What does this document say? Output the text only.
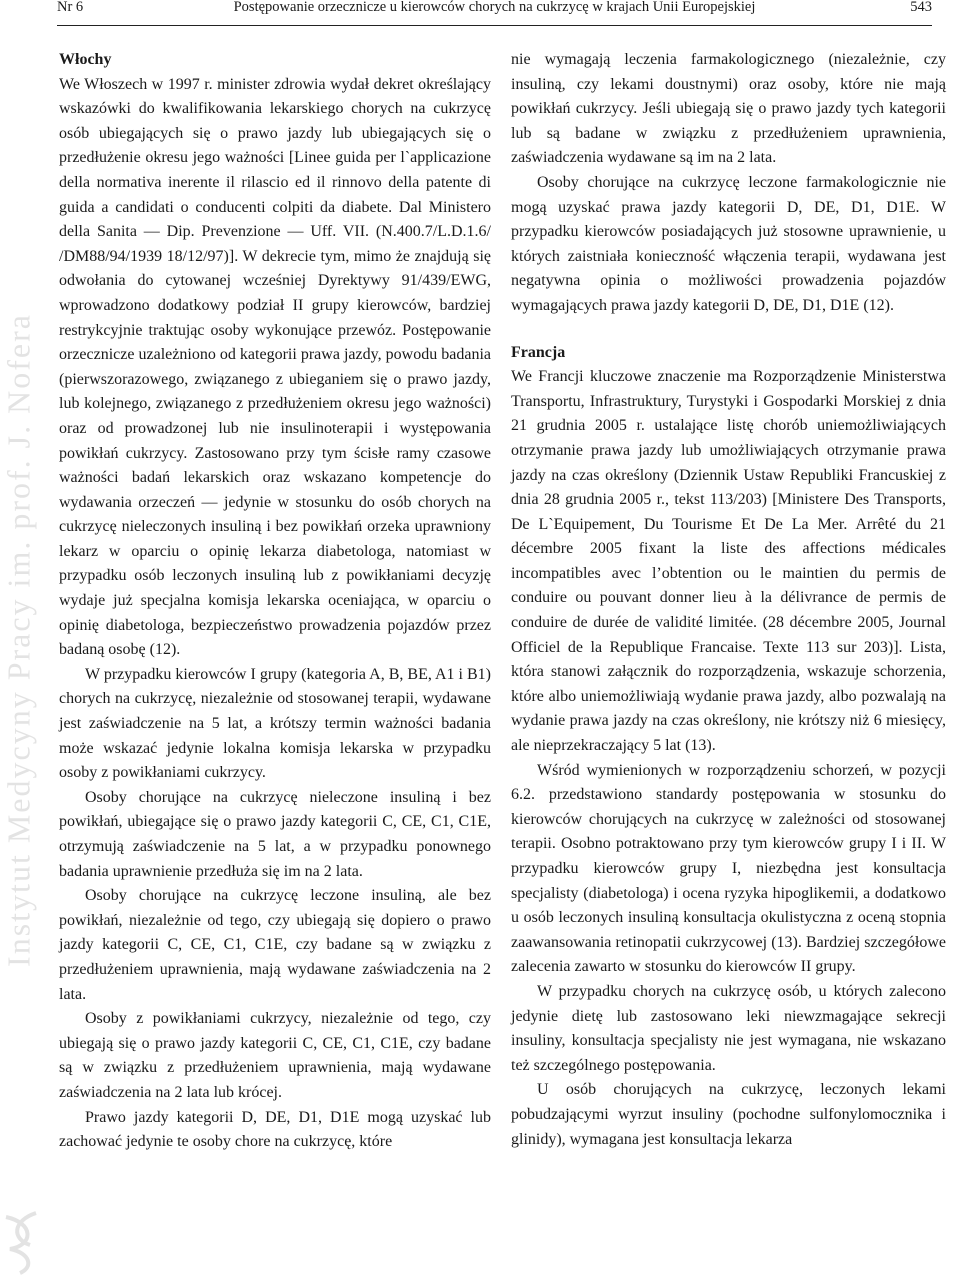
Nr 6	Postępowanie orzecznicze u kierowców chorych na cukrzycę w krajach Unii Europejskiej	543
Instytut Medycyny Pracy im. prof. J. Nofera
Włochy

We Włoszech w 1997 r. minister zdrowia wydał dekret określający wskazówki do kwalifikowania lekarskiego chorych na cukrzycę osób ubiegających się o prawo jazdy lub ubiegających się o przedłużenie okresu jego ważności [Linee guida per l`applicazione della normativa inerente il rilascio ed il rinnovo della patente di guida a candidati o conducenti colpiti da diabete. Dal Ministero della Sanita — Dip. Prevenzione — Uff. VII. (N.400.7/L.D.1.6/ /DM88/94/1939 18/12/97)]. W dekrecie tym, mimo że znajdują się odwołania do cytowanej wcześniej Dyrektywy 91/439/EWG, wprowadzono dodatkowy podział II grupy kierowców, bardziej restrykcyjnie traktując osoby wykonujące przewóz. Postępowanie orzecznicze uzależniono od kategorii prawa jazdy, powodu badania (pierwszorazowego, związanego z ubieganiem się o prawo jazdy, lub kolejnego, związanego z przedłużeniem okresu jego ważności) oraz od prowadzonej lub nie insulinoterapii i występowania powikłań cukrzycy. Zastosowano przy tym ścisłe ramy czasowe ważności badań lekarskich oraz wskazano kompetencje do wydawania orzeczeń — jedynie w stosunku do osób chorych na cukrzycę nieleczonych insuliną i bez powikłań orzeka uprawniony lekarz w oparciu o opinię lekarza diabetologa, natomiast w przypadku osób leczonych insuliną lub z powikłaniami decyzję wydaje już specjalna komisja lekarska oceniająca, w oparciu o opinię diabetologa, bezpieczeństwo prowadzenia pojazdów przez badaną osobę (12).

W przypadku kierowców I grupy (kategoria A, B, BE, A1 i B1) chorych na cukrzycę, niezależnie od stosowanej terapii, wydawane jest zaświadczenie na 5 lat, a krótszy termin ważności badania może wskazać jedynie lokalna komisja lekarska w przypadku osoby z powikłaniami cukrzycy.

Osoby chorujące na cukrzycę nieleczone insuliną i bez powikłań, ubiegające się o prawo jazdy kategorii C, CE, C1, C1E, otrzymują zaświadczenie na 5 lat, a w przypadku ponownego badania uprawnienie przedłuża się im na 2 lata.

Osoby chorujące na cukrzycę leczone insuliną, ale bez powikłań, niezależnie od tego, czy ubiegają się dopiero o prawo jazdy kategorii C, CE, C1, C1E, czy badane są w związku z przedłużeniem uprawnienia, mają wydawane zaświadczenia na 2 lata.

Osoby z powikłaniami cukrzycy, niezależnie od tego, czy ubiegają się o prawo jazdy kategorii C, CE, C1, C1E, czy badane są w związku z przedłużeniem uprawnienia, mają wydawane zaświadczenia na 2 lata lub krócej.

Prawo jazdy kategorii D, DE, D1, D1E mogą uzyskać lub zachować jedynie te osoby chore na cukrzycę, które

nie wymagają leczenia farmakologicznego (niezależnie, czy insuliną, czy lekami doustnymi) oraz osoby, które nie mają powikłań cukrzycy. Jeśli ubiegają się o prawo jazdy tych kategorii lub są badane w związku z przedłużeniem uprawnienia, zaświadczenia wydawane są im na 2 lata.

Osoby chorujące na cukrzycę leczone farmakologicznie nie mogą uzyskać prawa jazdy kategorii D, DE, D1, D1E. W przypadku kierowców posiadających już stosowne uprawnienie, u których zaistniała konieczność włączenia terapii, wydawana jest negatywna opinia o możliwości prowadzenia pojazdów wymagających prawa jazdy kategorii D, DE, D1, D1E (12).

Francja

We Francji kluczowe znaczenie ma Rozporządzenie Ministerstwa Transportu, Infrastruktury, Turystyki i Gospodarki Morskiej z dnia 21 grudnia 2005 r. ustalające listę chorób uniemożliwiających otrzymanie prawa jazdy lub umożliwiających otrzymanie prawa jazdy na czas określony (Dziennik Ustaw Republiki Francuskiej z dnia 28 grudnia 2005 r., tekst 113/203) [Ministere Des Transports, De L`Equipement, Du Tourisme Et De La Mer. Arrêté du 21 décembre 2005 fixant la liste des affections médicales incompatibles avec l’obtention ou le maintien du permis de conduire ou pouvant donner lieu à la délivrance de permis de conduire de durée de validité limitée. (28 décembre 2005, Journal Officiel de la Republique Francaise. Texte 113 sur 203)]. Lista, która stanowi załącznik do rozporządzenia, wskazuje schorzenia, które albo uniemożliwiają wydanie prawa jazdy, albo pozwalają na wydanie prawa jazdy na czas określony, nie krótszy niż 6 miesięcy, ale nieprzekraczający 5 lat (13).

Wśród wymienionych w rozporządzeniu schorzeń, w pozycji 6.2. przedstawiono standardy postępowania w stosunku do kierowców chorujących na cukrzycę w zależności od stosowanej terapii. Osobno potraktowano przy tym kierowców grupy I i II. W przypadku kierowców grupy I, niezbędna jest konsultacja specjalisty (diabetologa) i ocena ryzyka hipoglikemii, a dodatkowo u osób leczonych insuliną konsultacja okulistyczna z oceną stopnia zaawansowania retinopatii cukrzycowej (13). Bardziej szczegółowe zalecenia zawarto w stosunku do kierowców II grupy.

W przypadku chorych na cukrzycę osób, u których zalecono jedynie dietę lub zastosowano leki niewzmagające sekrecji insuliny, konsultacja specjalisty nie jest wymagana, nie wskazano też szczególnego postępowania.

U osób chorujących na cukrzycę, leczonych lekami pobudzającymi wyrzut insuliny (pochodne sulfonylomocznika i glinidy), wymagana jest konsultacja lekarza
